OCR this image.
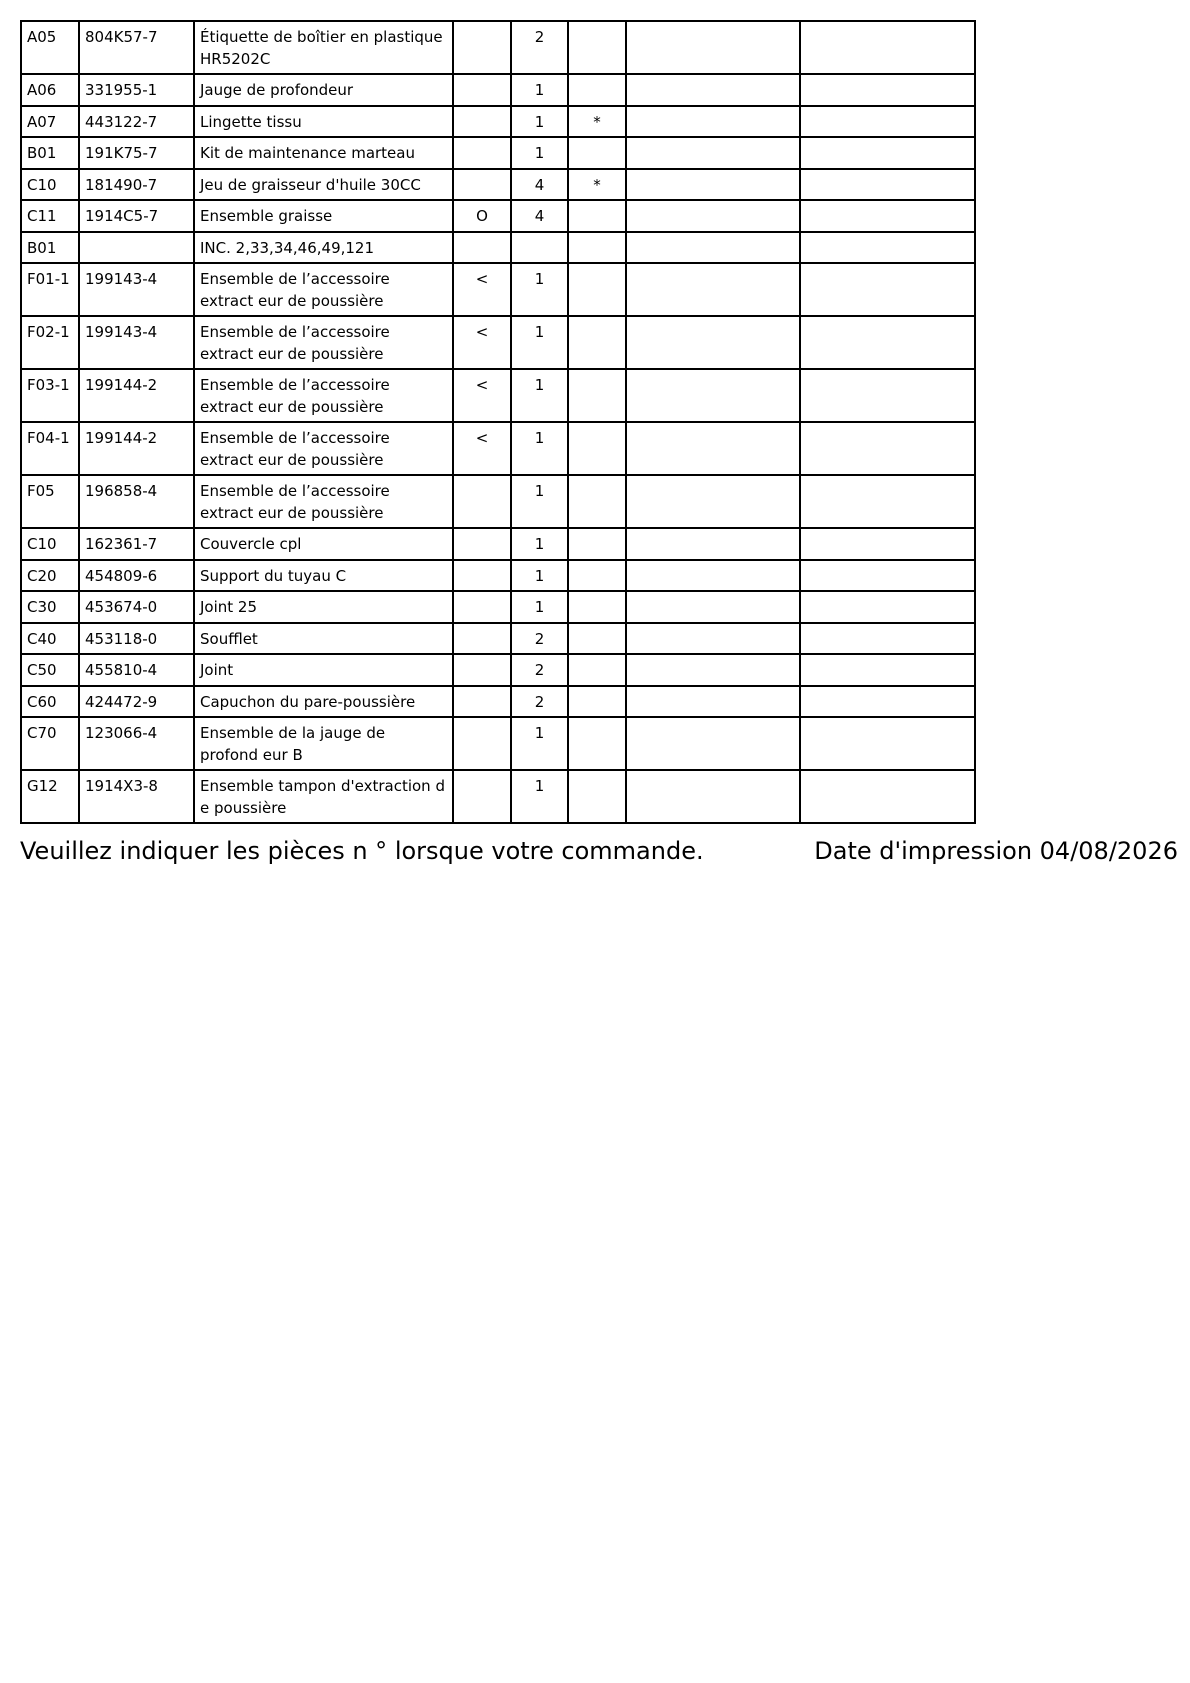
A05	804K57-7	Étiquette de boîtier en plastique HR5202C		2			
A06	331955-1	Jauge de profondeur		1			
A07	443122-7	Lingette tissu		1	*		
B01	191K75-7	Kit de maintenance marteau		1			
C10	181490-7	Jeu de graisseur d'huile 30CC		4	*		
C11	1914C5-7	Ensemble graisse	O	4			
B01		INC. 2,33,34,46,49,121					
F01-1	199143-4	Ensemble de l’accessoire extract eur de poussière	<	1			
F02-1	199143-4	Ensemble de l’accessoire extract eur de poussière	<	1			
F03-1	199144-2	Ensemble de l’accessoire extract eur de poussière	<	1			
F04-1	199144-2	Ensemble de l’accessoire extract eur de poussière	<	1			
F05	196858-4	Ensemble de l’accessoire extract eur de poussière		1			
C10	162361-7	Couvercle cpl		1			
C20	454809-6	Support du tuyau C		1			
C30	453674-0	Joint 25		1			
C40	453118-0	Soufflet		2			
C50	455810-4	Joint		2			
C60	424472-9	Capuchon du pare-poussière		2			
C70	123066-4	Ensemble de la jauge de profond eur B		1			
G12	1914X3-8	Ensemble tampon d'extraction d e poussière		1			
Veuillez indiquer les pièces n ° lorsque votre commande.	Date d'impression 04/08/2026
